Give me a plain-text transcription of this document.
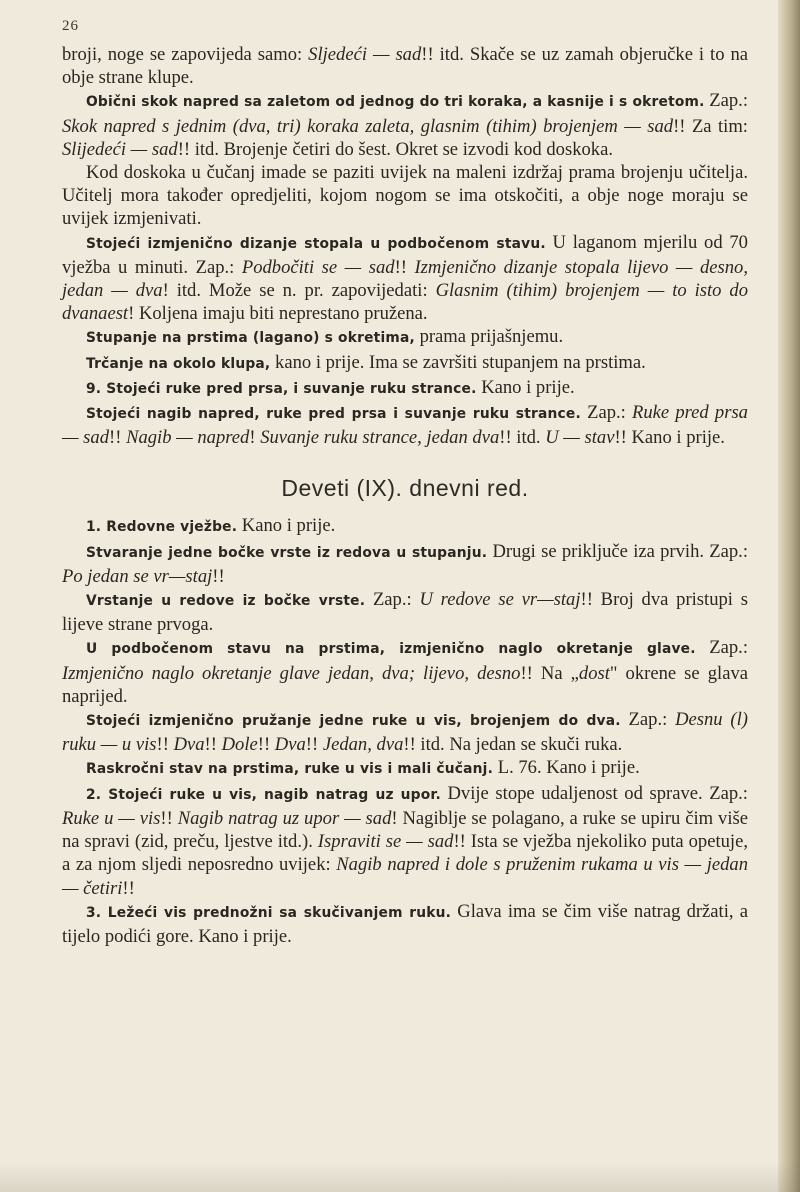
26

broji, noge se zapovijeda samo: Sljedeći — sad!! itd. Skače se uz zamah objeručke i to na obje strane klupe.

Obični skok napred sa zaletom od jednog do tri koraka, a kasnije i s okretom. Zap.: Skok napred s jednim (dva, tri) koraka zaleta, glasnim (tihim) brojenjem — sad!! Za tim: Slijedeći — sad!! itd. Brojenje četiri do šest. Okret se izvodi kod doskoka.

Kod doskoka u čučanj imade se paziti uvijek na maleni izdržaj prama brojenju učitelja. Učitelj mora također opredjeliti, kojom nogom se ima otskočiti, a obje noge moraju se uvijek izmjenivati.

Stojeći izmjenično dizanje stopala u podbočenom stavu. U laganom mjerilu od 70 vježba u minuti. Zap.: Podbočiti se — sad!! Izmjenično dizanje stopala lijevo — desno, jedan — dva! itd. Može se n. pr. zapovijedati: Glasnim (tihim) brojenjem — to isto do dvanaest! Koljena imaju biti neprestano pružena.

Stupanje na prstima (lagano) s okretima, prama prijašnjemu.

Trčanje na okolo klupa, kano i prije. Ima se završiti stupanjem na prstima.

9. Stojeći ruke pred prsa, i suvanje ruku strance. Kano i prije.

Stojeći nagib napred, ruke pred prsa i suvanje ruku strance. Zap.: Ruke pred prsa — sad!! Nagib — napred! Suvanje ruku strance, jedan dva!! itd. U — stav!! Kano i prije.

Deveti (IX). dnevni red.

1. Redovne vježbe. Kano i prije.

Stvaranje jedne bočke vrste iz redova u stupanju. Drugi se priključe iza prvih. Zap.: Po jedan se vr—staj!!

Vrstanje u redove iz bočke vrste. Zap.: U redove se vr—staj!! Broj dva pristupi s lijeve strane prvoga.

U podbočenom stavu na prstima, izmjenično naglo okretanje glave. Zap.: Izmjenično naglo okretanje glave jedan, dva; lijevo, desno!! Na „dost" okrene se glava naprijed.

Stojeći izmjenično pružanje jedne ruke u vis, brojenjem do dva. Zap.: Desnu (l) ruku — u vis!! Dva!! Dole!! Dva!! Jedan, dva!! itd. Na jedan se skuči ruka.

Raskročni stav na prstima, ruke u vis i mali čučanj. L. 76. Kano i prije.

2. Stojeći ruke u vis, nagib natrag uz upor. Dvije stope udaljenost od sprave. Zap.: Ruke u — vis!! Nagib natrag uz upor — sad! Nagiblje se polagano, a ruke se upiru čim više na spravi (zid, preču, ljestve itd.). Ispraviti se — sad!! Ista se vježba njekoliko puta opetuje, a za njom sljedi neposredno uvijek: Nagib napred i dole s pruženim rukama u vis — jedan — četiri!!

3. Ležeći vis prednožni sa skučivanjem ruku. Glava ima se čim više natrag držati, a tijelo podići gore. Kano i prije.
